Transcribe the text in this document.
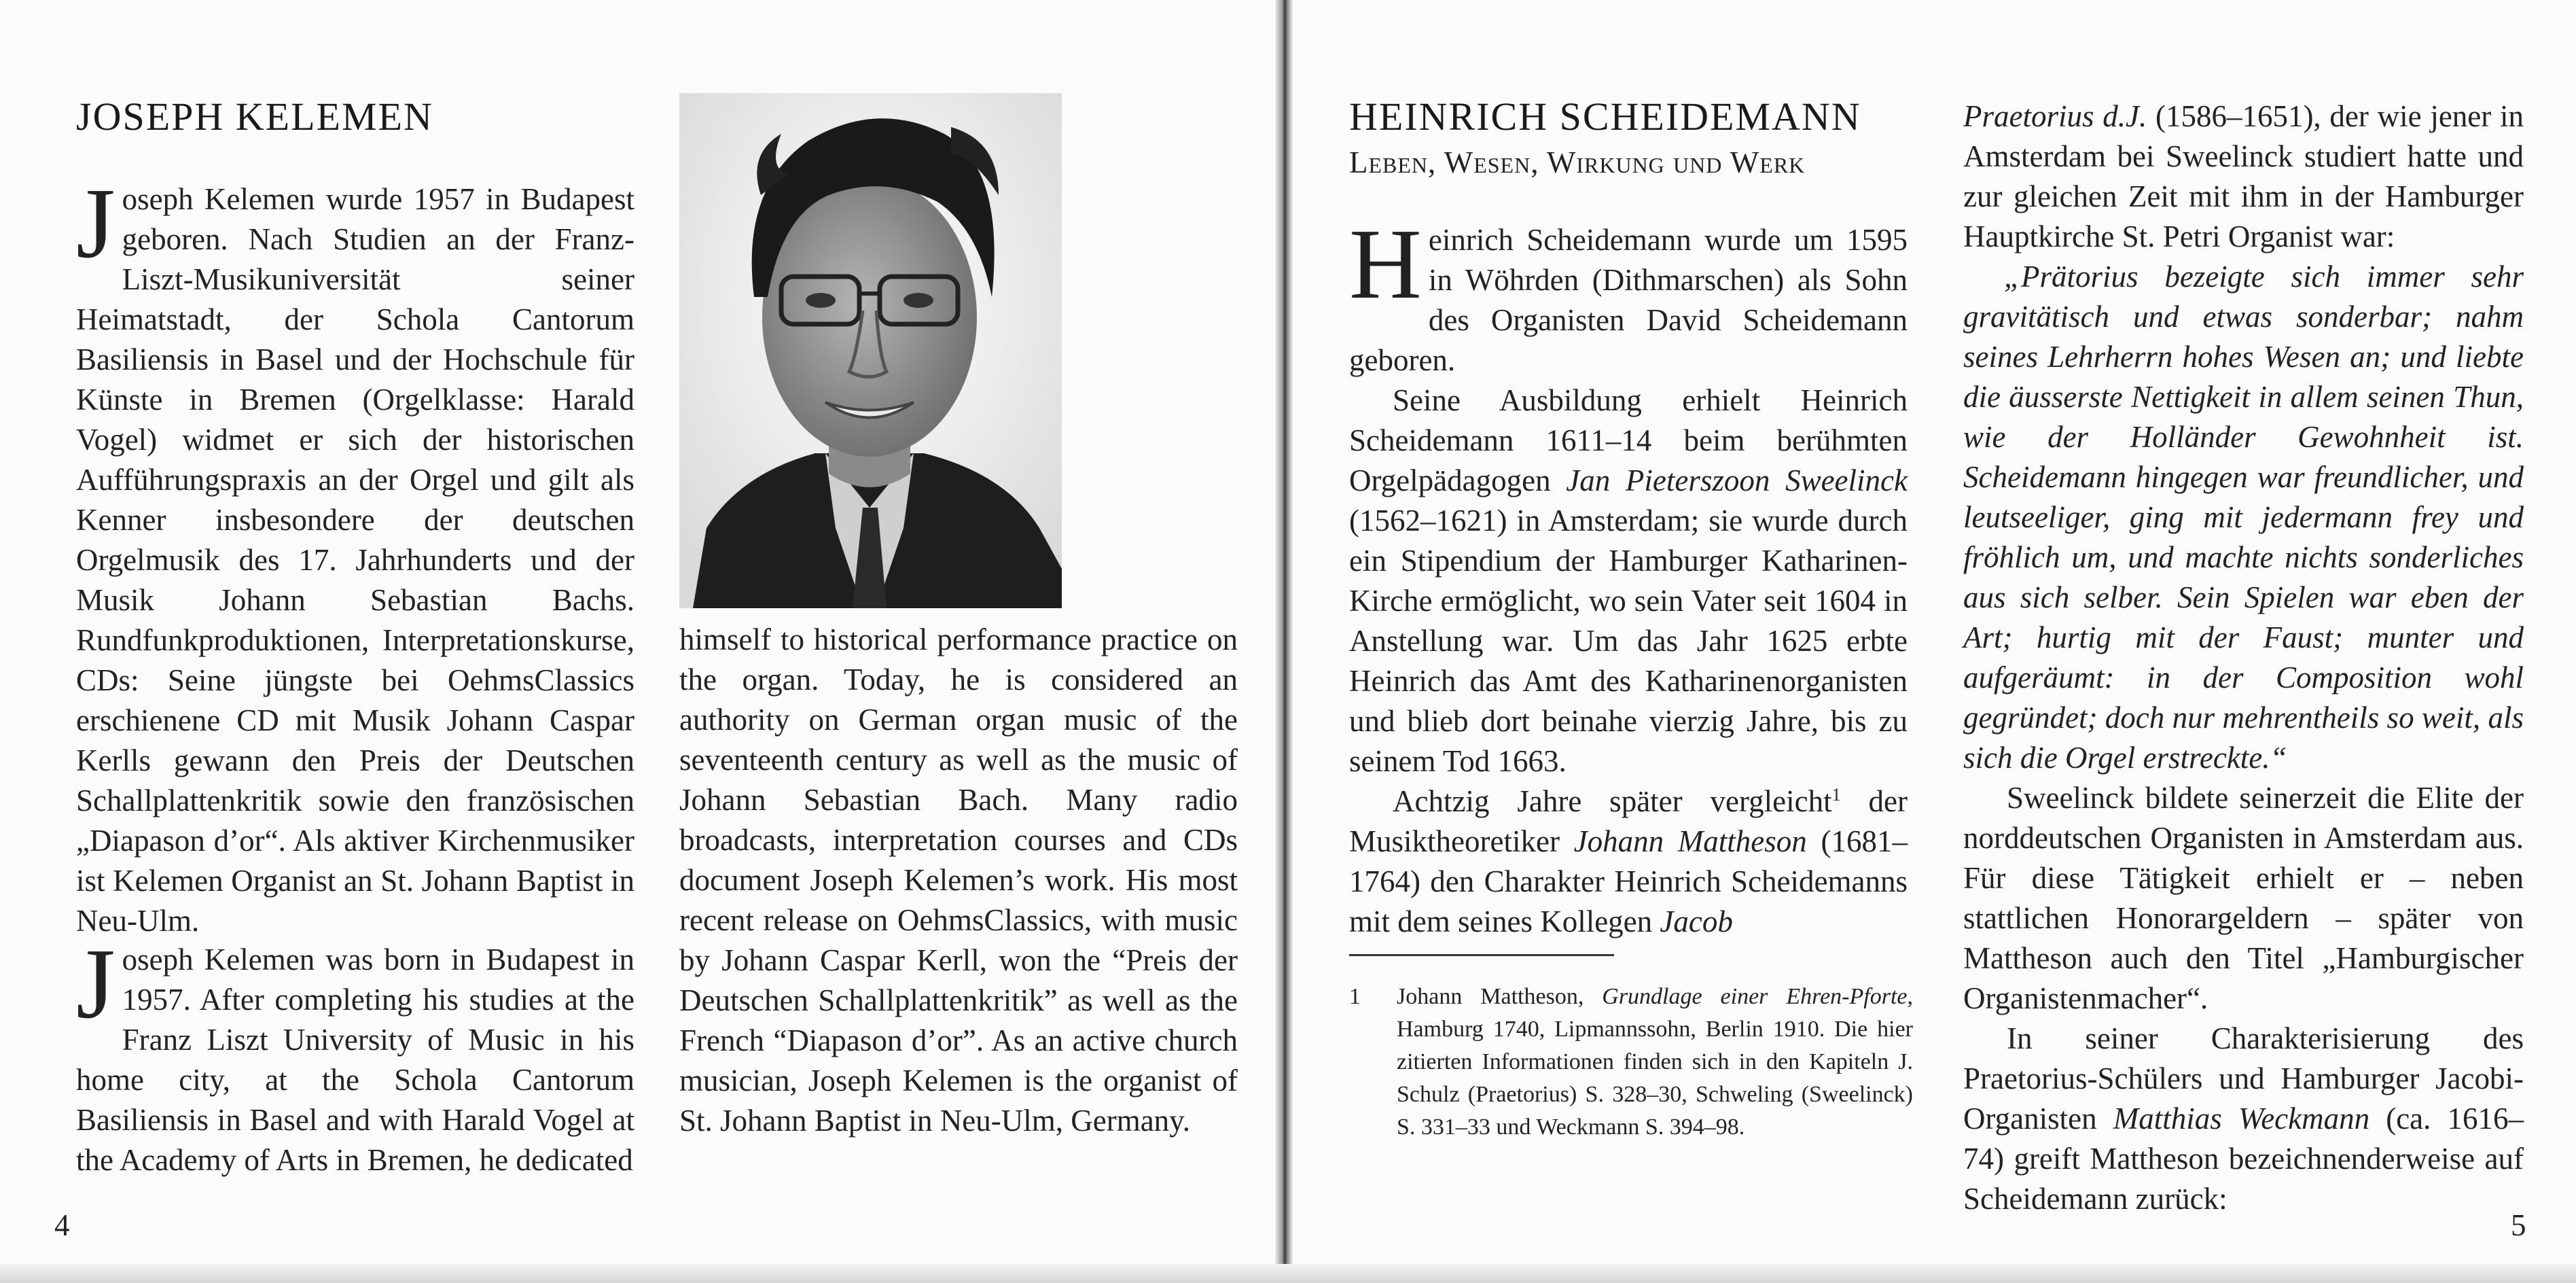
JOSEPH KELEMEN

Joseph Kelemen wurde 1957 in Budapest geboren. Nach Studien an der Franz-Liszt-Musikuniversität seiner Heimatstadt, der Schola Cantorum Basiliensis in Basel und der Hochschule für Künste in Bremen (Orgelklasse: Harald Vogel) widmet er sich der historischen Aufführungspraxis an der Orgel und gilt als Kenner insbesondere der deutschen Orgelmusik des 17. Jahrhunderts und der Musik Johann Sebastian Bachs. Rundfunkproduktionen, Interpretationskurse, CDs: Seine jüngste bei OehmsClassics erschienene CD mit Musik Johann Caspar Kerlls gewann den Preis der Deutschen Schallplattenkritik sowie den französischen „Diapason d’or“. Als aktiver Kirchenmusiker ist Kelemen Organist an St. Johann Baptist in Neu-Ulm.

Joseph Kelemen was born in Budapest in 1957. After completing his studies at the Franz Liszt University of Music in his home city, at the Schola Cantorum Basiliensis in Basel and with Harald Vogel at the Academy of Arts in Bremen, he dedicated

himself to historical performance practice on the organ. Today, he is considered an authority on German organ music of the seventeenth century as well as the music of Johann Sebastian Bach. Many radio broadcasts, interpretation courses and CDs document Joseph Kelemen’s work. His most recent release on OehmsClassics, with music by Johann Caspar Kerll, won the “Preis der Deutschen Schallplattenkritik” as well as the French “Diapason d’or”. As an active church musician, Joseph Kelemen is the organist of St. Johann Baptist in Neu-Ulm, Germany.

4
HEINRICH SCHEIDEMANN
Leben, Wesen, Wirkung und Werk

Heinrich Scheidemann wurde um 1595 in Wöhrden (Dithmarschen) als Sohn des Organisten David Scheidemann geboren.

Seine Ausbildung erhielt Heinrich Scheidemann 1611–14 beim berühmten Orgelpädagogen Jan Pieterszoon Sweelinck (1562–1621) in Amsterdam; sie wurde durch ein Stipendium der Hamburger Katharinen-Kirche ermöglicht, wo sein Vater seit 1604 in Anstellung war. Um das Jahr 1625 erbte Heinrich das Amt des Katharinenorganisten und blieb dort beinahe vierzig Jahre, bis zu seinem Tod 1663.

Achtzig Jahre später vergleicht$^1$ der Musiktheoretiker Johann Mattheson (1681–1764) den Charakter Heinrich Scheidemanns mit dem seines Kollegen Jacob

Praetorius d.J. (1586–1651), der wie jener in Amsterdam bei Sweelinck studiert hatte und zur gleichen Zeit mit ihm in der Hamburger Hauptkirche St. Petri Organist war:

„Prätorius bezeigte sich immer sehr gravitätisch und etwas sonderbar; nahm seines Lehrherrn hohes Wesen an; und liebte die äusserste Nettigkeit in allem seinen Thun, wie der Holländer Gewohnheit ist. Scheidemann hingegen war freundlicher, und leutseeliger, ging mit jedermann frey und fröhlich um, und machte nichts sonderliches aus sich selber. Sein Spielen war eben der Art; hurtig mit der Faust; munter und aufgeräumt: in der Composition wohl gegründet; doch nur mehrentheils so weit, als sich die Orgel erstreckte.“

Sweelinck bildete seinerzeit die Elite der norddeutschen Organisten in Amsterdam aus. Für diese Tätigkeit erhielt er – neben stattlichen Honorargeldern – später von Mattheson auch den Titel „Hamburgischer Organistenmacher“.

In seiner Charakterisierung des Praetorius-Schülers und Hamburger Jacobi-Organisten Matthias Weckmann (ca. 1616–74) greift Mattheson bezeichnenderweise auf Scheidemann zurück:

5
1 Johann Mattheson, Grundlage einer Ehren-Pforte, Hamburg 1740, Lipmannssohn, Berlin 1910. Die hier zitierten Informationen finden sich in den Kapiteln J. Schulz (Praetorius) S. 328–30, Schweling (Sweelinck) S. 331–33 und Weckmann S. 394–98.
